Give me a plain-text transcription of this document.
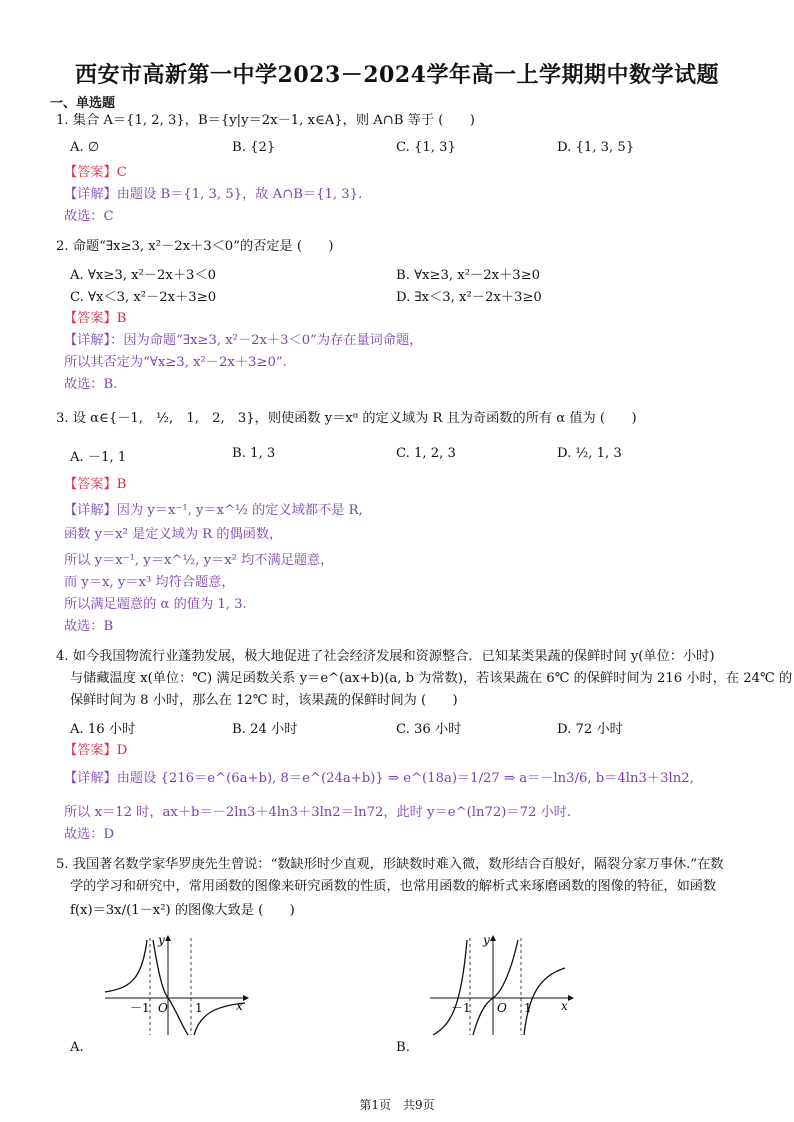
西安市高新第一中学2023－2024学年高一上学期期中数学试题
一、单选题
1. 集合 A＝{1, 2, 3}，B＝{y|y＝2x－1, x∈A}，则 A∩B 等于 (　　)
A. ∅	B. {2}	C. {1, 3}	D. {1, 3, 5}
【答案】C
【详解】由题设 B＝{1, 3, 5}，故 A∩B＝{1, 3}.
故选：C
2. 命题“∃x≥3, x²－2x＋3＜0”的否定是 (　　)
A. ∀x≥3, x²－2x＋3＜0	B. ∀x≥3, x²－2x＋3≥0
C. ∀x＜3, x²－2x＋3≥0	D. ∃x＜3, x²－2x＋3≥0
【答案】B
【详解】：因为命题“∃x≥3, x²－2x＋3＜0”为存在量词命题，
所以其否定为“∀x≥3, x²－2x＋3≥0”.
故选：B.
3. 设 α∈{－1,　½,　1,　2,　3}，则使函数 y＝xᵅ 的定义域为 R 且为奇函数的所有 α 值为 (　　)
A. －1, 1	B. 1, 3	C. 1, 2, 3	D. ½, 1, 3
【答案】B
【详解】因为 y＝x⁻¹, y＝x^½ 的定义域都不是 R,
函数 y＝x² 是定义域为 R 的偶函数，
所以 y＝x⁻¹, y＝x^½, y＝x² 均不满足题意，
而 y＝x, y＝x³ 均符合题意，
所以满足题意的 α 的值为 1, 3.
故选：B
4. 如今我国物流行业蓬勃发展，极大地促进了社会经济发展和资源整合．已知某类果蔬的保鲜时间 y(单位：小时)
与储藏温度 x(单位：℃) 满足函数关系 y＝e^(ax+b)(a, b 为常数)，若该果蔬在 6℃ 的保鲜时间为 216 小时，在 24℃ 的
保鲜时间为 8 小时，那么在 12℃ 时，该果蔬的保鲜时间为 (　　)
A. 16 小时	B. 24 小时	C. 36 小时	D. 72 小时
【答案】D
【详解】由题设 {216＝e^(6a+b), 8＝e^(24a+b)} ⇒ e^(18a)＝1/27 ⇒ a＝－ln3/6, b＝4ln3＋3ln2,
所以 x＝12 时，ax＋b＝－2ln3＋4ln3＋3ln2＝ln72，此时 y＝e^(ln72)＝72 小时.
故选：D
5. 我国著名数学家华罗庚先生曾说：“数缺形时少直观，形缺数时难入微，数形结合百般好，隔裂分家万事休.”在数
学的学习和研究中，常用函数的图像来研究函数的性质，也常用函数的解析式来琢磨函数的图像的特征，如函数
f(x)＝3x/(1－x²) 的图像大致是 (　　)
x
y
O
－1	1
A.
x
y
O
－1	1
B.
第1页　共9页
